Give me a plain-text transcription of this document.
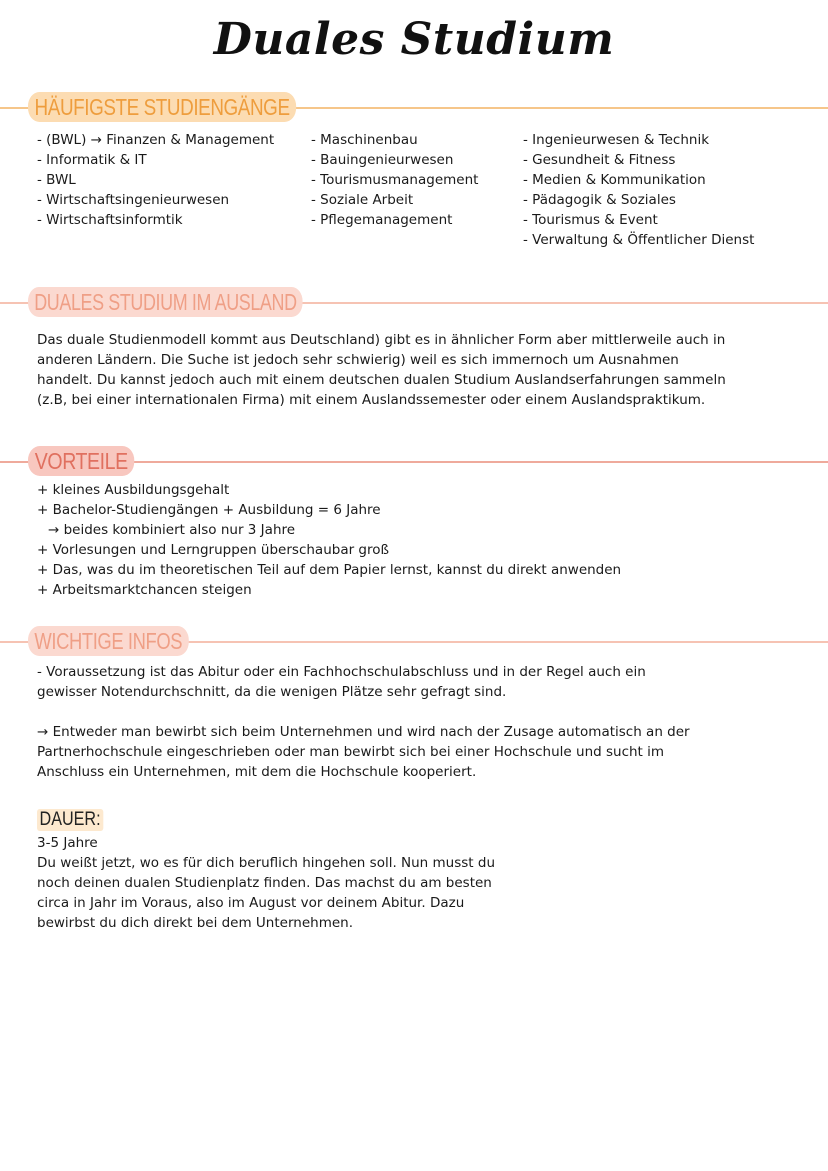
Duales Studium
HÄUFIGSTE STUDIENGÄNGE
- (BWL) → Finanzen & Management
- Informatik & IT
- BWL
- Wirtschaftsingenieurwesen
- Wirtschaftsinformtik
- Maschinenbau
- Bauingenieurwesen
- Tourismusmanagement
- Soziale Arbeit
- Pflegemanagement
- Ingenieurwesen & Technik
- Gesundheit & Fitness
- Medien & Kommunikation
- Pädagogik & Soziales
- Tourismus & Event
- Verwaltung & Öffentlicher Dienst
DUALES STUDIUM IM AUSLAND
Das duale Studienmodell kommt aus Deutschland) gibt es in ähnlicher Form aber mittlerweile auch in
anderen Ländern. Die Suche ist jedoch sehr schwierig) weil es sich immernoch um Ausnahmen
handelt. Du kannst jedoch auch mit einem deutschen dualen Studium Auslandserfahrungen sammeln
(z.B, bei einer internationalen Firma) mit einem Auslandssemester oder einem Auslandspraktikum.
VORTEILE
+ kleines Ausbildungsgehalt
+ Bachelor-Studiengängen + Ausbildung = 6 Jahre
→ beides kombiniert also nur 3 Jahre
+ Vorlesungen und Lerngruppen überschaubar groß
+ Das, was du im theoretischen Teil auf dem Papier lernst, kannst du direkt anwenden
+ Arbeitsmarktchancen steigen
WICHTIGE INFOS
- Voraussetzung ist das Abitur oder ein Fachhochschulabschluss und in der Regel auch ein
gewisser Notendurchschnitt, da die wenigen Plätze sehr gefragt sind.
→ Entweder man bewirbt sich beim Unternehmen und wird nach der Zusage automatisch an der
Partnerhochschule eingeschrieben oder man bewirbt sich bei einer Hochschule und sucht im
Anschluss ein Unternehmen, mit dem die Hochschule kooperiert.
DAUER:
3-5 Jahre
Du weißt jetzt, wo es für dich beruflich hingehen soll. Nun musst du
noch deinen dualen Studienplatz finden. Das machst du am besten
circa in Jahr im Voraus, also im August vor deinem Abitur. Dazu
bewirbst du dich direkt bei dem Unternehmen.
